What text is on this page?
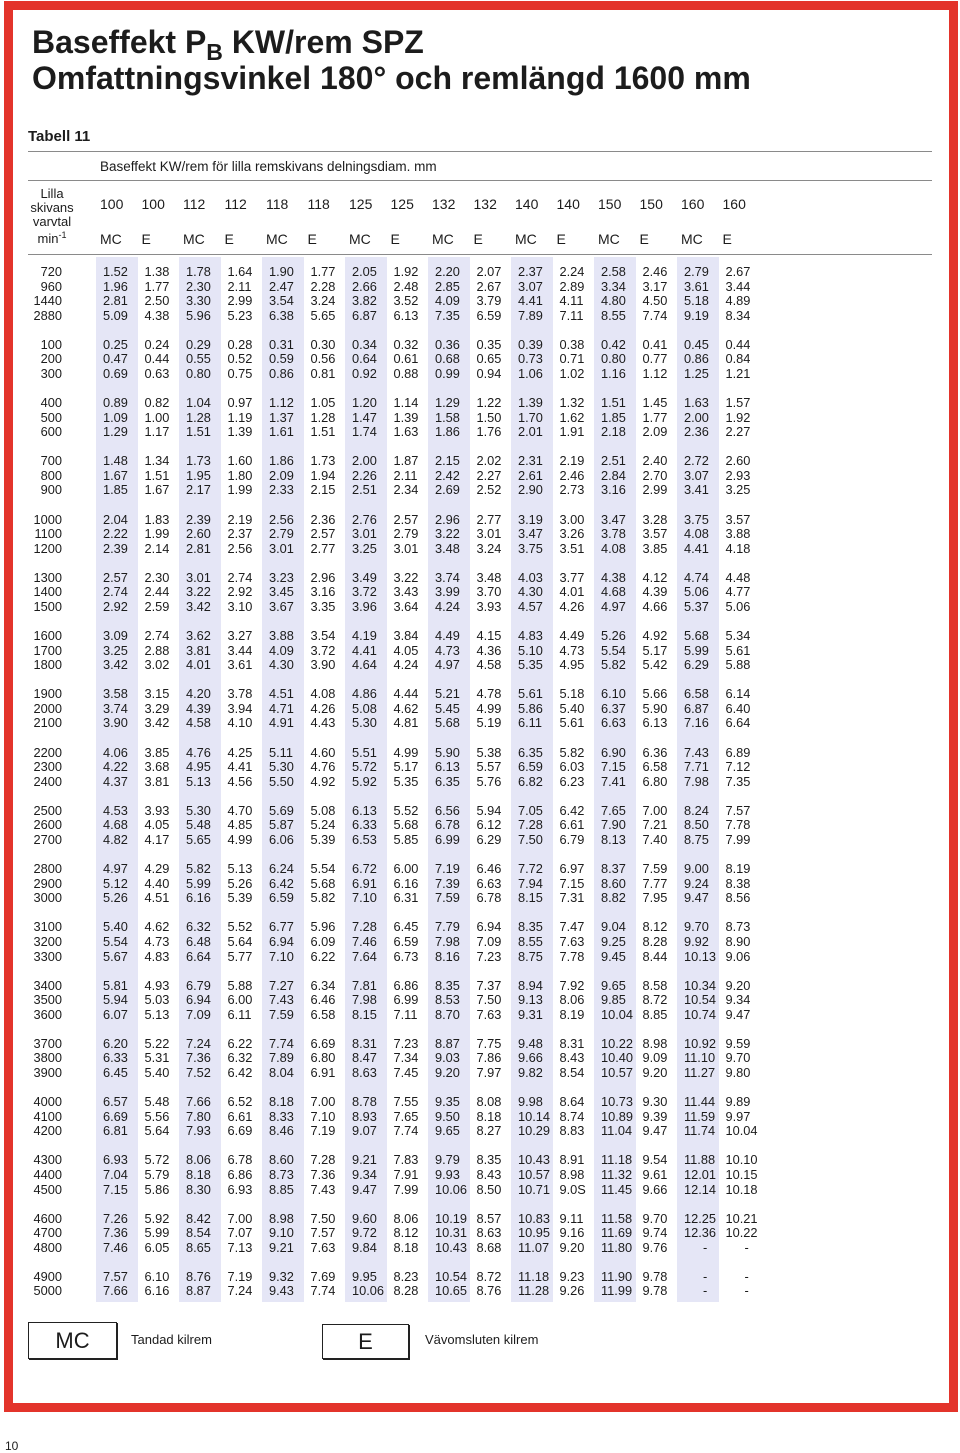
Baseffekt $P_B$ KW/rem SPZ
Omfattningsvinkel 180° och remlängd 1600 mm
Tabell 11
Baseffekt KW/rem för lilla remskivans delningsdiam. mm
Lilla
skivans
varvtal
$\min^{-1}$
100	100	112	112	118	118	125	125	132	132	140	140	150	150	160	160
MC	E	MC	E	MC	E	MC	E	MC	E	MC	E	MC	E	MC	E
720	1.52	1.38	1.78	1.64	1.90	1.77	2.05	1.92	2.20	2.07	2.37	2.24	2.58	2.46	2.79	2.67
960	1.96	1.77	2.30	2.11	2.47	2.28	2.66	2.48	2.85	2.67	3.07	2.89	3.34	3.17	3.61	3.44
1440	2.81	2.50	3.30	2.99	3.54	3.24	3.82	3.52	4.09	3.79	4.41	4.11	4.80	4.50	5.18	4.89
2880	5.09	4.38	5.96	5.23	6.38	5.65	6.87	6.13	7.35	6.59	7.89	7.11	8.55	7.74	9.19	8.34
100	0.25	0.24	0.29	0.28	0.31	0.30	0.34	0.32	0.36	0.35	0.39	0.38	0.42	0.41	0.45	0.44
200	0.47	0.44	0.55	0.52	0.59	0.56	0.64	0.61	0.68	0.65	0.73	0.71	0.80	0.77	0.86	0.84
300	0.69	0.63	0.80	0.75	0.86	0.81	0.92	0.88	0.99	0.94	1.06	1.02	1.16	1.12	1.25	1.21
400	0.89	0.82	1.04	0.97	1.12	1.05	1.20	1.14	1.29	1.22	1.39	1.32	1.51	1.45	1.63	1.57
500	1.09	1.00	1.28	1.19	1.37	1.28	1.47	1.39	1.58	1.50	1.70	1.62	1.85	1.77	2.00	1.92
600	1.29	1.17	1.51	1.39	1.61	1.51	1.74	1.63	1.86	1.76	2.01	1.91	2.18	2.09	2.36	2.27
700	1.48	1.34	1.73	1.60	1.86	1.73	2.00	1.87	2.15	2.02	2.31	2.19	2.51	2.40	2.72	2.60
800	1.67	1.51	1.95	1.80	2.09	1.94	2.26	2.11	2.42	2.27	2.61	2.46	2.84	2.70	3.07	2.93
900	1.85	1.67	2.17	1.99	2.33	2.15	2.51	2.34	2.69	2.52	2.90	2.73	3.16	2.99	3.41	3.25
1000	2.04	1.83	2.39	2.19	2.56	2.36	2.76	2.57	2.96	2.77	3.19	3.00	3.47	3.28	3.75	3.57
1100	2.22	1.99	2.60	2.37	2.79	2.57	3.01	2.79	3.22	3.01	3.47	3.26	3.78	3.57	4.08	3.88
1200	2.39	2.14	2.81	2.56	3.01	2.77	3.25	3.01	3.48	3.24	3.75	3.51	4.08	3.85	4.41	4.18
1300	2.57	2.30	3.01	2.74	3.23	2.96	3.49	3.22	3.74	3.48	4.03	3.77	4.38	4.12	4.74	4.48
1400	2.74	2.44	3.22	2.92	3.45	3.16	3.72	3.43	3.99	3.70	4.30	4.01	4.68	4.39	5.06	4.77
1500	2.92	2.59	3.42	3.10	3.67	3.35	3.96	3.64	4.24	3.93	4.57	4.26	4.97	4.66	5.37	5.06
1600	3.09	2.74	3.62	3.27	3.88	3.54	4.19	3.84	4.49	4.15	4.83	4.49	5.26	4.92	5.68	5.34
1700	3.25	2.88	3.81	3.44	4.09	3.72	4.41	4.05	4.73	4.36	5.10	4.73	5.54	5.17	5.99	5.61
1800	3.42	3.02	4.01	3.61	4.30	3.90	4.64	4.24	4.97	4.58	5.35	4.95	5.82	5.42	6.29	5.88
1900	3.58	3.15	4.20	3.78	4.51	4.08	4.86	4.44	5.21	4.78	5.61	5.18	6.10	5.66	6.58	6.14
2000	3.74	3.29	4.39	3.94	4.71	4.26	5.08	4.62	5.45	4.99	5.86	5.40	6.37	5.90	6.87	6.40
2100	3.90	3.42	4.58	4.10	4.91	4.43	5.30	4.81	5.68	5.19	6.11	5.61	6.63	6.13	7.16	6.64
2200	4.06	3.85	4.76	4.25	5.11	4.60	5.51	4.99	5.90	5.38	6.35	5.82	6.90	6.36	7.43	6.89
2300	4.22	3.68	4.95	4.41	5.30	4.76	5.72	5.17	6.13	5.57	6.59	6.03	7.15	6.58	7.71	7.12
2400	4.37	3.81	5.13	4.56	5.50	4.92	5.92	5.35	6.35	5.76	6.82	6.23	7.41	6.80	7.98	7.35
2500	4.53	3.93	5.30	4.70	5.69	5.08	6.13	5.52	6.56	5.94	7.05	6.42	7.65	7.00	8.24	7.57
2600	4.68	4.05	5.48	4.85	5.87	5.24	6.33	5.68	6.78	6.12	7.28	6.61	7.90	7.21	8.50	7.78
2700	4.82	4.17	5.65	4.99	6.06	5.39	6.53	5.85	6.99	6.29	7.50	6.79	8.13	7.40	8.75	7.99
2800	4.97	4.29	5.82	5.13	6.24	5.54	6.72	6.00	7.19	6.46	7.72	6.97	8.37	7.59	9.00	8.19
2900	5.12	4.40	5.99	5.26	6.42	5.68	6.91	6.16	7.39	6.63	7.94	7.15	8.60	7.77	9.24	8.38
3000	5.26	4.51	6.16	5.39	6.59	5.82	7.10	6.31	7.59	6.78	8.15	7.31	8.82	7.95	9.47	8.56
3100	5.40	4.62	6.32	5.52	6.77	5.96	7.28	6.45	7.79	6.94	8.35	7.47	9.04	8.12	9.70	8.73
3200	5.54	4.73	6.48	5.64	6.94	6.09	7.46	6.59	7.98	7.09	8.55	7.63	9.25	8.28	9.92	8.90
3300	5.67	4.83	6.64	5.77	7.10	6.22	7.64	6.73	8.16	7.23	8.75	7.78	9.45	8.44	10.13 9.06
3400	5.81	4.93	6.79	5.88	7.27	6.34	7.81	6.86	8.35	7.37	8.94	7.92	9.65	8.58	10.34 9.20
3500	5.94	5.03	6.94	6.00	7.43	6.46	7.98	6.99	8.53	7.50	9.13	8.06	9.85	8.72	10.54 9.34
3600	6.07	5.13	7.09	6.11	7.59	6.58	8.15	7.11	8.70	7.63	9.31	8.19	10.04 8.85	10.74 9.47
3700	6.20	5.22	7.24	6.22	7.74	6.69	8.31	7.23	8.87	7.75	9.48	8.31	10.22 8.98	10.92 9.59
3800	6.33	5.31	7.36	6.32	7.89	6.80	8.47	7.34	9.03	7.86	9.66	8.43	10.40 9.09	11.10 9.70
3900	6.45	5.40	7.52	6.42	8.04	6.91	8.63	7.45	9.20	7.97	9.82	8.54	10.57 9.20	11.27 9.80
4000	6.57	5.48	7.66	6.52	8.18	7.00	8.78	7.55	9.35	8.08	9.98	8.64	10.73 9.30	11.44 9.89
4100	6.69	5.56	7.80	6.61	8.33	7.10	8.93	7.65	9.50	8.18	10.14 8.74	10.89 9.39	11.59 9.97
4200	6.81	5.64	7.93	6.69	8.46	7.19	9.07	7.74	9.65	8.27	10.29 8.83	11.04 9.47	11.74 10.04
4300	6.93	5.72	8.06	6.78	8.60	7.28	9.21	7.83	9.79	8.35	10.43 8.91	11.18 9.54	11.88 10.10
4400	7.04	5.79	8.18	6.86	8.73	7.36	9.34	7.91	9.93	8.43	10.57 8.98	11.32 9.61	12.01 10.15
4500	7.15	5.86	8.30	6.93	8.85	7.43	9.47	7.99	10.06 8.50	10.71 9.0S	11.45 9.66	12.14 10.18
4600	7.26	5.92	8.42	7.00	8.98	7.50	9.60	8.06	10.19 8.57	10.83 9.11	11.58 9.70	12.25 10.21
4700	7.36	5.99	8.54	7.07	9.10	7.57	9.72	8.12	10.31 8.63	10.95 9.16	11.69 9.74	12.36 10.22
4800	7.46	6.05	8.65	7.13	9.21	7.63	9.84	8.18	10.43 8.68	11.07 9.20	11.80 9.76	-	-
4900	7.57	6.10	8.76	7.19	9.32	7.69	9.95	8.23	10.54 8.72	11.18 9.23	11.90 9.78	-	-
5000	7.66	6.16	8.87	7.24	9.43	7.74	10.06 8.28	10.65 8.76	11.28 9.26	11.99 9.78	-	-
MC	Tandad kilrem	E	Vävomsluten kilrem
10
